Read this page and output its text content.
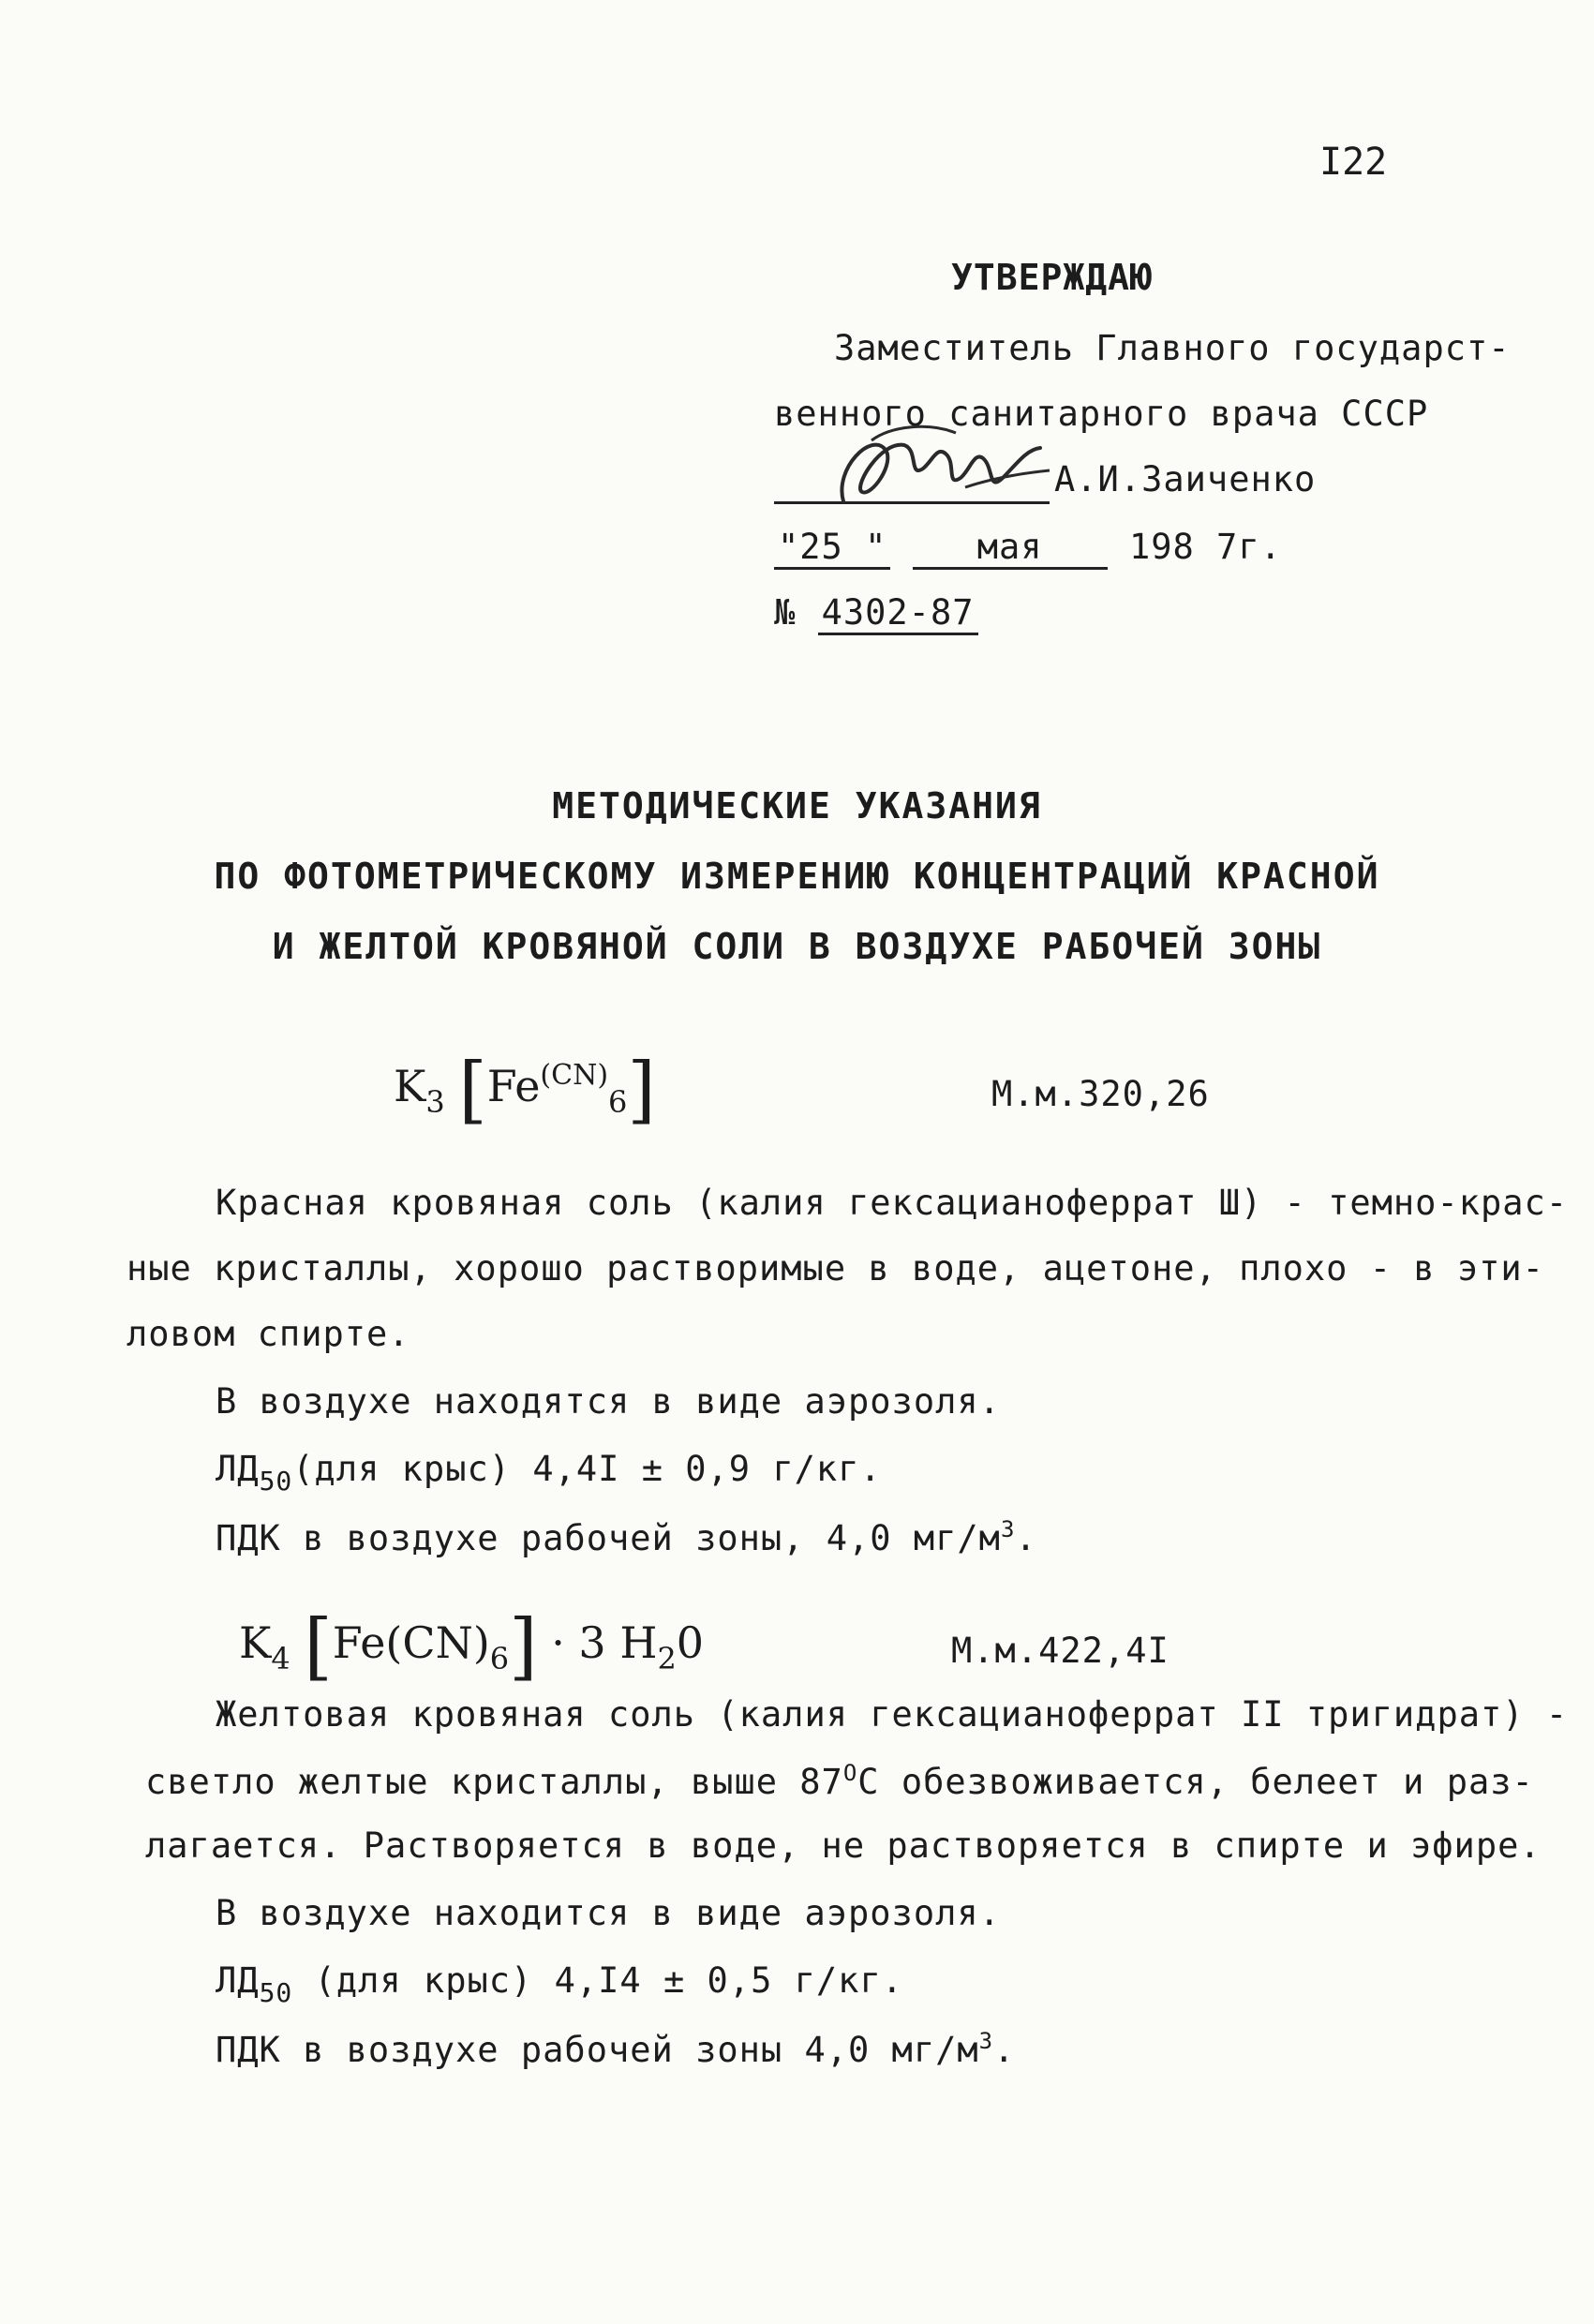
I22
УТВЕРЖДАЮ
Заместитель Главного государст-
венного санитарного врача СССР
А.И.Заиченко
"25 "	мая 198 7г.
№ 4302-87
МЕТОДИЧЕСКИЕ УКАЗАНИЯ
ПО ФОТОМЕТРИЧЕСКОМУ ИЗМЕРЕНИЮ КОНЦЕНТРАЦИЙ КРАСНОЙ
И ЖЕЛТОЙ КРОВЯНОЙ СОЛИ В ВОЗДУХЕ РАБОЧЕЙ ЗОНЫ
$K_3$ $[Fe^{(CN)}_6]$	М.м.320,26
Красная кровяная соль (калия гексацианоферрат Ш) - темно-крас-
ные кристаллы, хорошо растворимые в воде, ацетоне, плохо - в эти-
ловом спирте.
В воздухе находятся в виде аэрозоля.
$ЛД_{50}(для$ крыс) 4,4I ± 0,9 г/кг.
ПДК в воздухе рабочей зоны, 4,0 $мг/м^3$.
$K_4$ $[Fe(CN)_6] \cdot 3$ $H_20$	М.м.422,4I
Желтовая кровяная соль (калия гексацианоферрат II тригидрат) -
светло желтые кристаллы, выше $87^OC$ обезвоживается, белеет и раз-
лагается. Растворяется в воде, не растворяется в спирте и эфире.
В воздухе находится в виде аэрозоля.
$ЛД_{50}$ (для крыс) 4,I4 ± 0,5 г/кг.
ПДК в воздухе рабочей зоны 4,0 $мг/м^3$.
